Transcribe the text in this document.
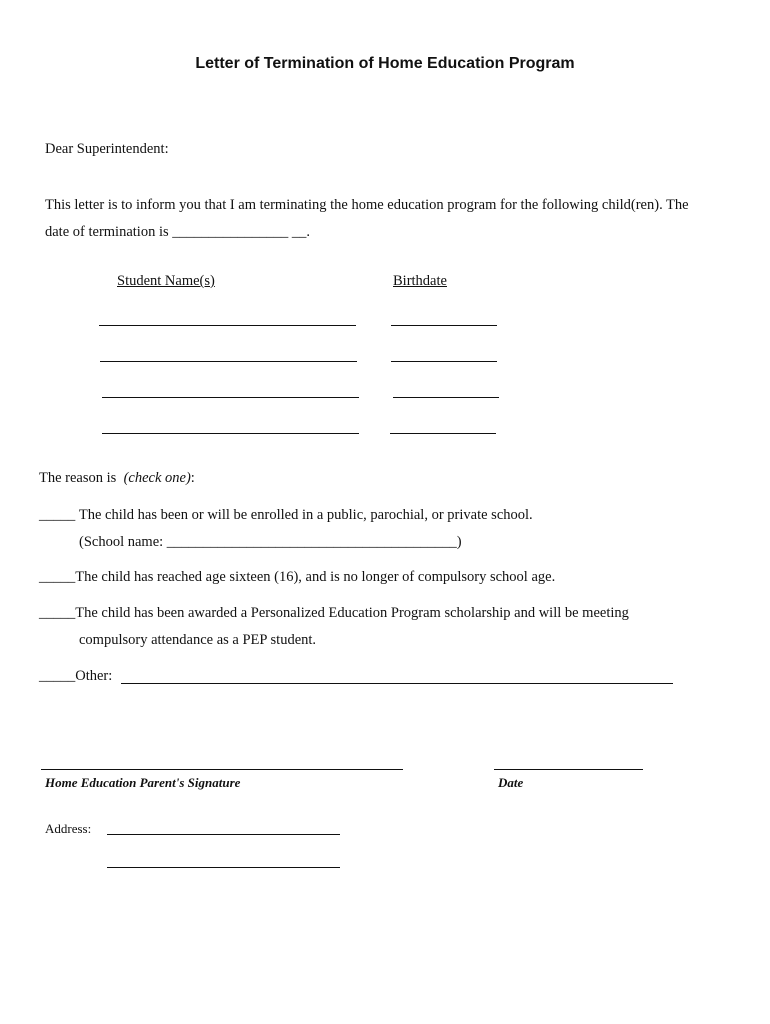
Letter of Termination of Home Education Program
Dear Superintendent:
This letter is to inform you that I am terminating the home education program for the following child(ren). The
date of termination is ________________ __.
Student Name(s)	Birthdate
The reason is (check one):
_____ The child has been or will be enrolled in a public, parochial, or private school.
(School name: ________________________________________)
_____The child has reached age sixteen (16), and is no longer of compulsory school age.
_____The child has been awarded a Personalized Education Program scholarship and will be meeting
compulsory attendance as a PEP student.
_____Other:
Home Education Parent's Signature	Date
Address:
